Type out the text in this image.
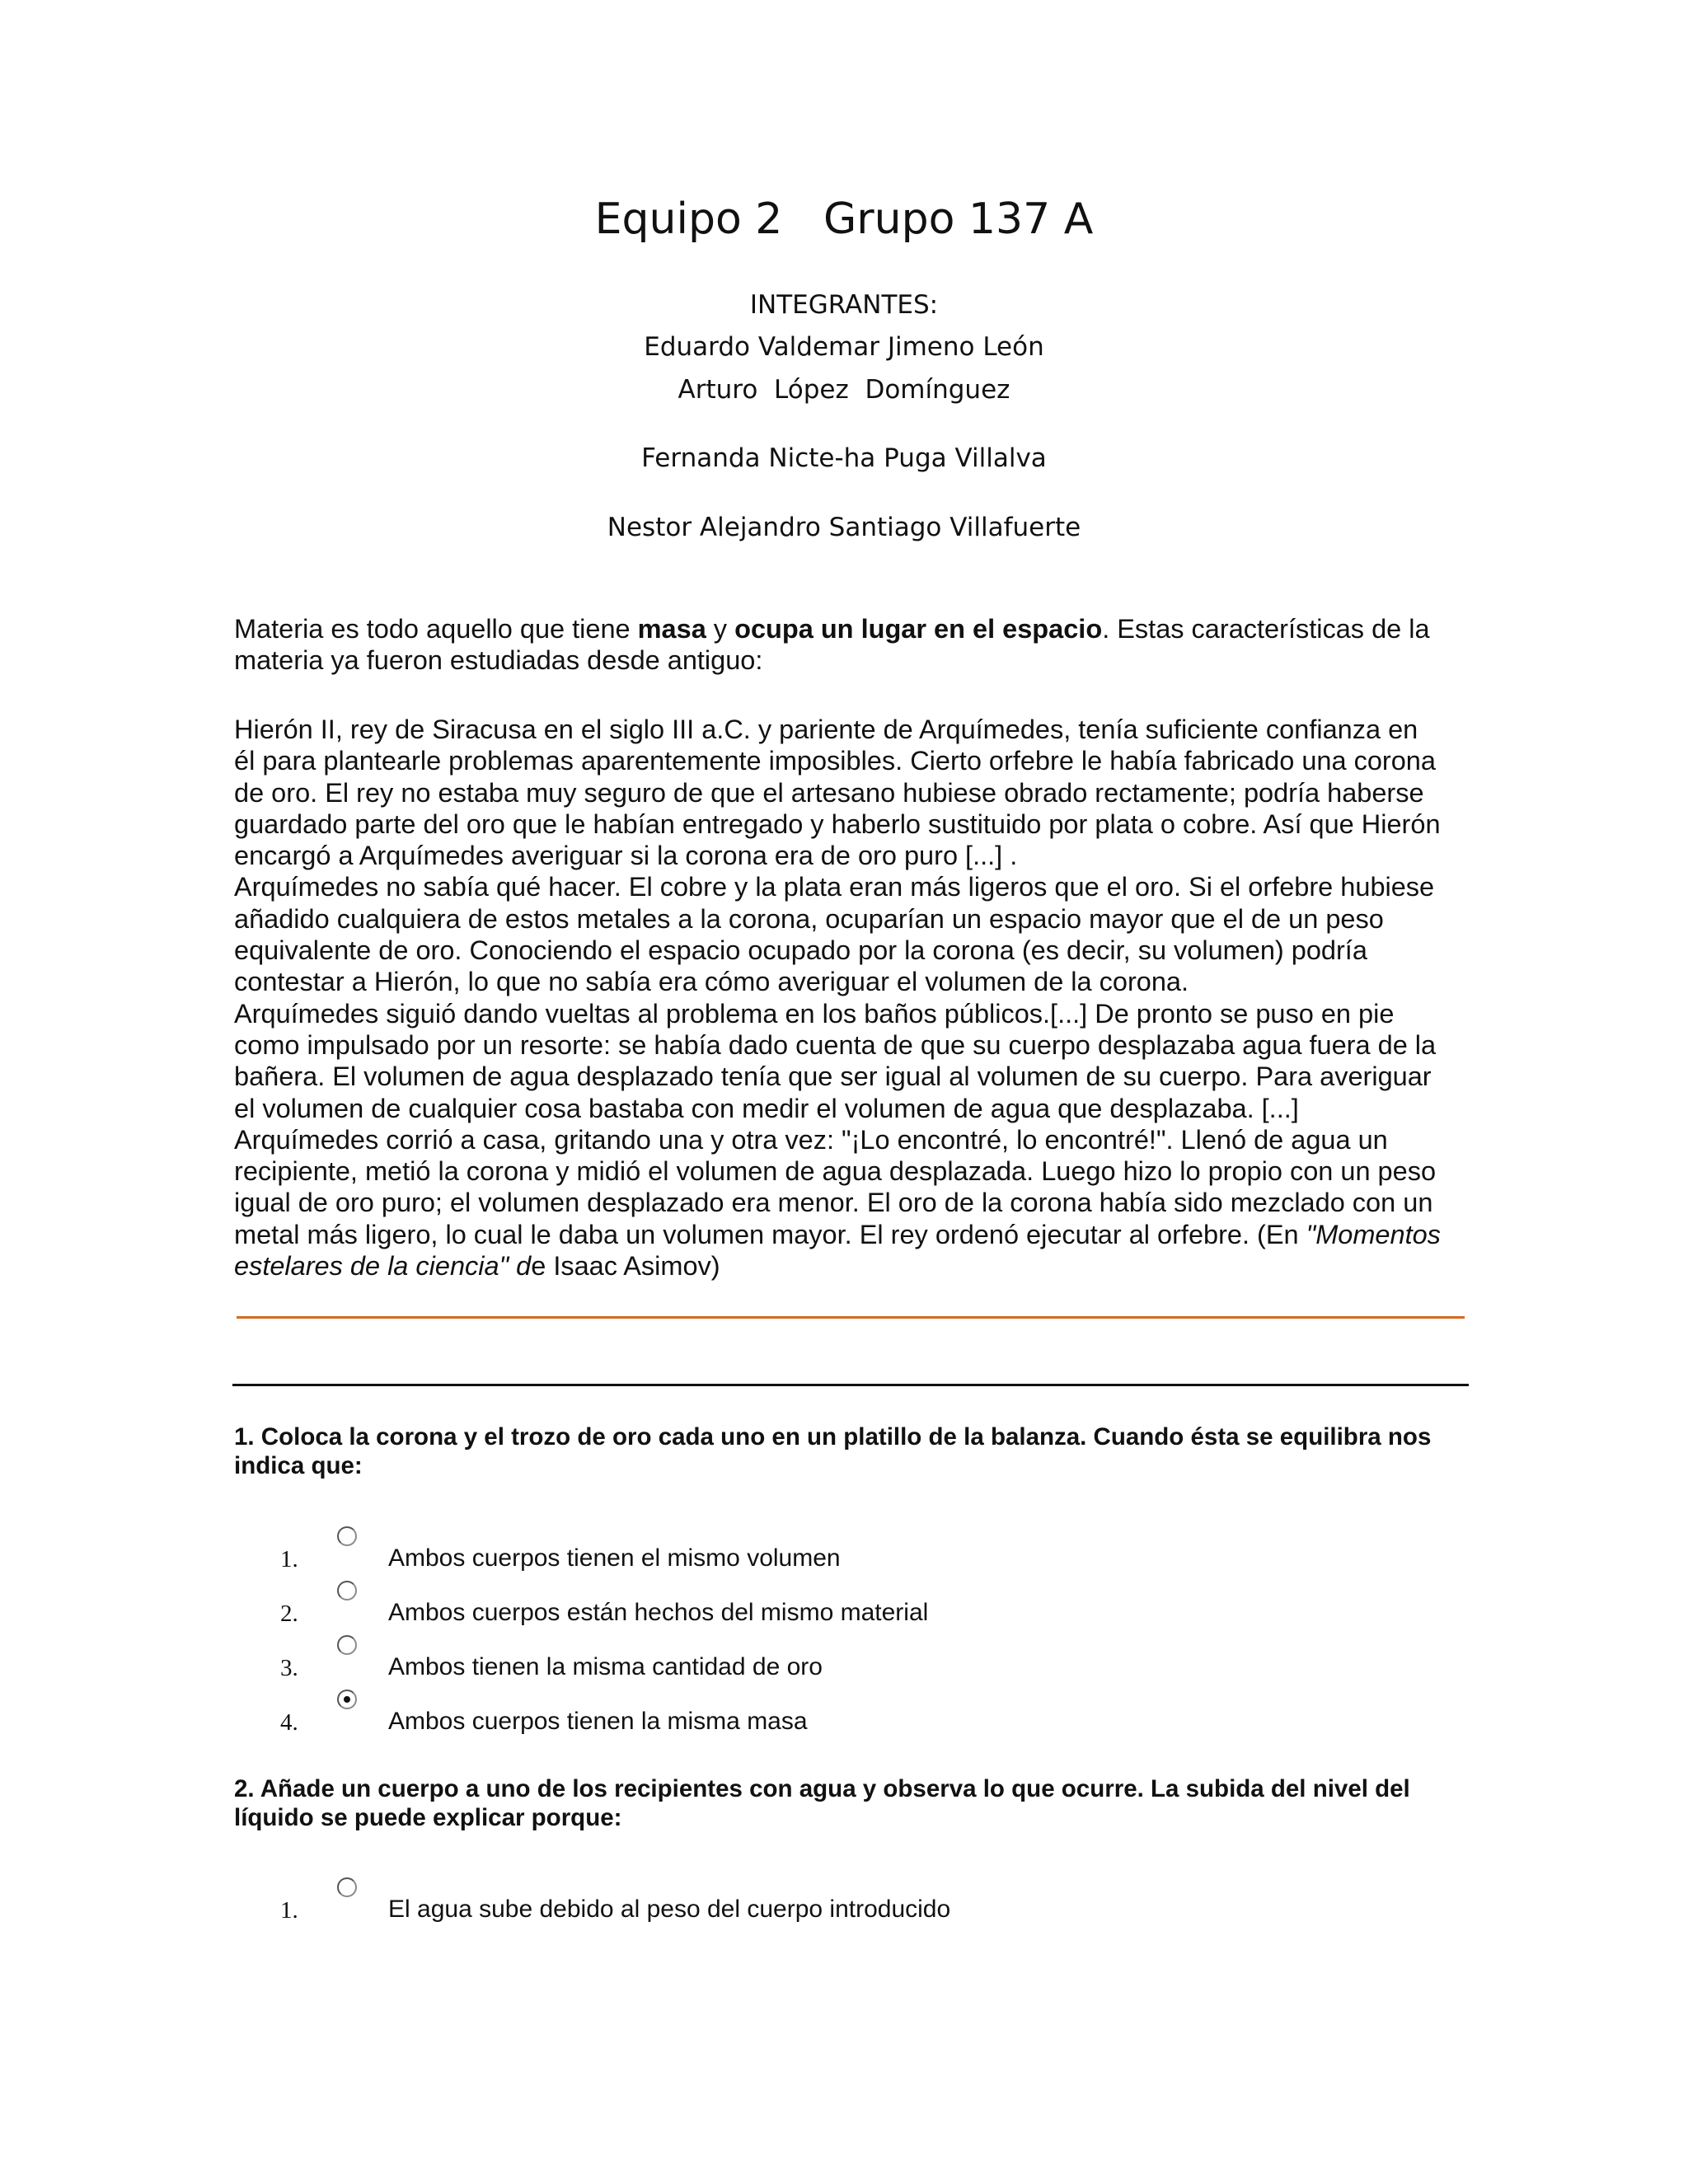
Equipo 2   Grupo 137 A
INTEGRANTES:
Eduardo Valdemar Jimeno León
Arturo  López  Domínguez
Fernanda Nicte-ha Puga Villalva
Nestor Alejandro Santiago Villafuerte
Materia es todo aquello que tiene masa y ocupa un lugar en el espacio. Estas características de la
materia ya fueron estudiadas desde antiguo:
Hierón II, rey de Siracusa en el siglo III a.C. y pariente de Arquímedes, tenía suficiente confianza en
él para plantearle problemas aparentemente imposibles. Cierto orfebre le había fabricado una corona
de oro. El rey no estaba muy seguro de que el artesano hubiese obrado rectamente; podría haberse
guardado parte del oro que le habían entregado y haberlo sustituido por plata o cobre. Así que Hierón
encargó a Arquímedes averiguar si la corona era de oro puro [...] .
Arquímedes no sabía qué hacer. El cobre y la plata eran más ligeros que el oro. Si el orfebre hubiese
añadido cualquiera de estos metales a la corona, ocuparían un espacio mayor que el de un peso
equivalente de oro. Conociendo el espacio ocupado por la corona (es decir, su volumen) podría
contestar a Hierón, lo que no sabía era cómo averiguar el volumen de la corona.
Arquímedes siguió dando vueltas al problema en los baños públicos.[...] De pronto se puso en pie
como impulsado por un resorte: se había dado cuenta de que su cuerpo desplazaba agua fuera de la
bañera. El volumen de agua desplazado tenía que ser igual al volumen de su cuerpo. Para averiguar
el volumen de cualquier cosa bastaba con medir el volumen de agua que desplazaba. [...]
Arquímedes corrió a casa, gritando una y otra vez: "¡Lo encontré, lo encontré!". Llenó de agua un
recipiente, metió la corona y midió el volumen de agua desplazada. Luego hizo lo propio con un peso
igual de oro puro; el volumen desplazado era menor. El oro de la corona había sido mezclado con un
metal más ligero, lo cual le daba un volumen mayor. El rey ordenó ejecutar al orfebre. (En "Momentos
estelares de la ciencia" de Isaac Asimov)
1. Coloca la corona y el trozo de oro cada uno en un platillo de la balanza. Cuando ésta se equilibra nos indica que:
1.	Ambos cuerpos tienen el mismo volumen
2.	Ambos cuerpos están hechos del mismo material
3.	Ambos tienen la misma cantidad de oro
4.	Ambos cuerpos tienen la misma masa
2. Añade un cuerpo a uno de los recipientes con agua y observa lo que ocurre. La subida del nivel del líquido se puede explicar porque:
1.	El agua sube debido al peso del cuerpo introducido
